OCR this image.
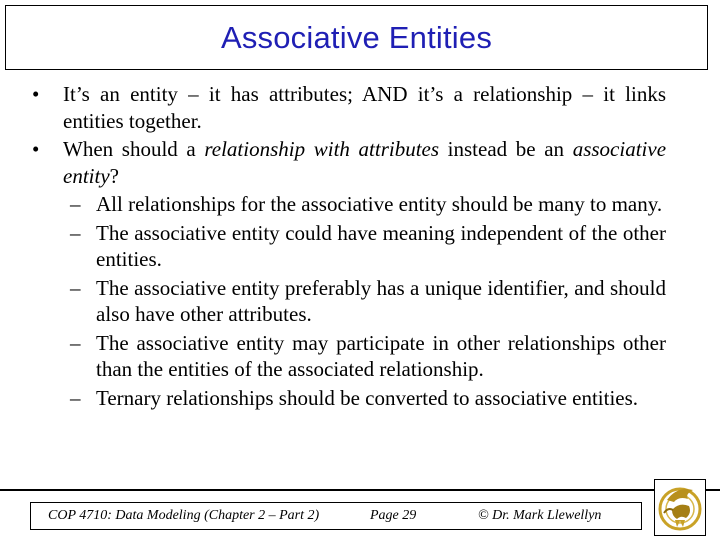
Associative Entities
• It’s an entity – it has attributes; AND it’s a relationship – it links entities together.
• When should a relationship with attributes instead be an associative entity?
– All relationships for the associative entity should be many to many.
– The associative entity could have meaning independent of the other entities.
– The associative entity preferably has a unique identifier, and should also have other attributes.
– The associative entity may participate in other relationships other than the entities of the associated relationship.
– Ternary relationships should be converted to associative entities.
COP 4710: Data Modeling (Chapter 2 – Part 2)	Page 29	© Dr. Mark Llewellyn
